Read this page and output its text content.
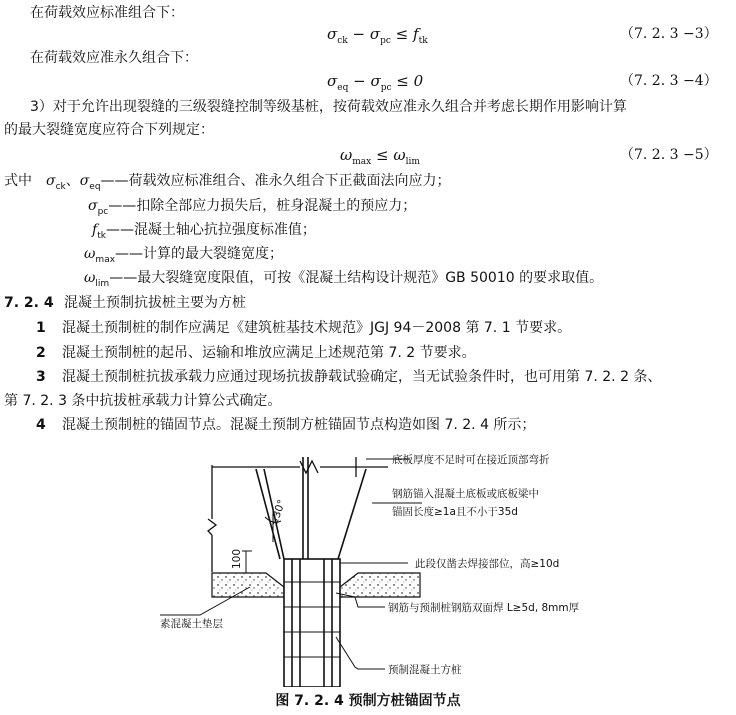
在荷载效应标准组合下：
$\sigma_{ck} - \sigma_{pc} \le f_{tk}$	（7. 2. 3 −3）
在荷载效应准永久组合下：
$\sigma_{eq} - \sigma_{pc} \le 0$	（7. 2. 3 −4）
3）对于允许出现裂缝的三级裂缝控制等级基桩，按荷载效应准永久组合并考虑长期作用影响计算
的最大裂缝宽度应符合下列规定：
$\omega_{max} \le \omega_{lim}$	（7. 2. 3 −5）
式中　$\sigma_{ck}$、$\sigma_{eq}——$荷载效应标准组合、准永久组合下正截面法向应力；
$\sigma_{pc}——$扣除全部应力损失后，桩身混凝土的预应力；
$f_{tk}——$混凝土轴心抗拉强度标准值；
$\omega_{max}——$计算的最大裂缝宽度；
$\omega_{lim}——$最大裂缝宽度限值，可按《混凝土结构设计规范》GB 50010 的要求取值。
7. 2. 4 混凝土预制抗拔桩主要为方桩
1 混凝土预制桩的制作应满足《建筑桩基技术规范》JGJ 94－2008 第 7. 1 节要求。
2 混凝土预制桩的起吊、运输和堆放应满足上述规范第 7. 2 节要求。
3 混凝土预制桩抗拔承载力应通过现场抗拔静载试验确定，当无试验条件时，也可用第 7. 2. 2 条、
第 7. 2. 3 条中抗拔桩承载力计算公式确定。
4 混凝土预制桩的锚固节点。混凝土预制方桩锚固节点构造如图 7. 2. 4 所示；
≤30°
100
底板厚度不足时可在接近顶部弯折
钢筋锚入混凝土底板或底板梁中
锚固长度≥1a且不小于35d
此段仅凿去焊接部位，高≥10d
素混凝土垫层
钢筋与预制桩钢筋双面焊 L≥5d, 8mm厚
预制混凝土方桩
图 7. 2. 4 预制方桩锚固节点
